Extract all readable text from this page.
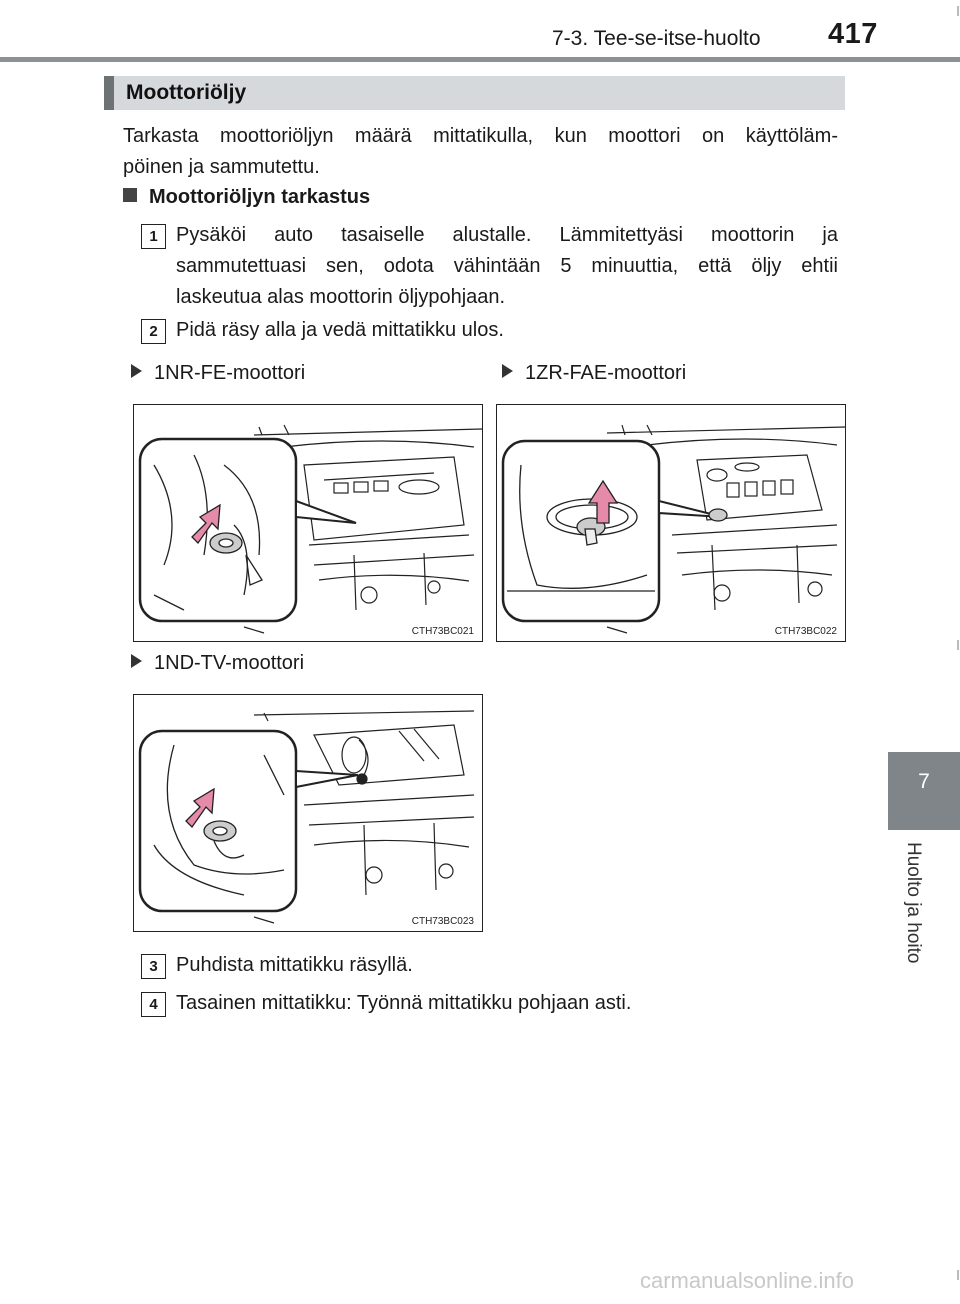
7-3. Tee-se-itse-huolto 417
7
Huolto ja hoito
Moottoriöljy
Tarkasta moottoriöljyn määrä mittatikulla, kun moottori on käyttöläm-
pöinen ja sammutettu.
Moottoriöljyn tarkastus
1 Pysäköi auto tasaiselle alustalle. Lämmitettyäsi moottorin ja
sammutettuasi sen, odota vähintään 5 minuuttia, että öljy ehtii
laskeutua alas moottorin öljypohjaan.
2 Pidä räsy alla ja vedä mittatikku ulos.
1NR-FE-moottori	1ZR-FAE-moottori
CTH73BC021	CTH73BC022
1ND-TV-moottori
CTH73BC023
3 Puhdista mittatikku räsyllä.
4 Tasainen mittatikku: Työnnä mittatikku pohjaan asti.
carmanualsonline.info
